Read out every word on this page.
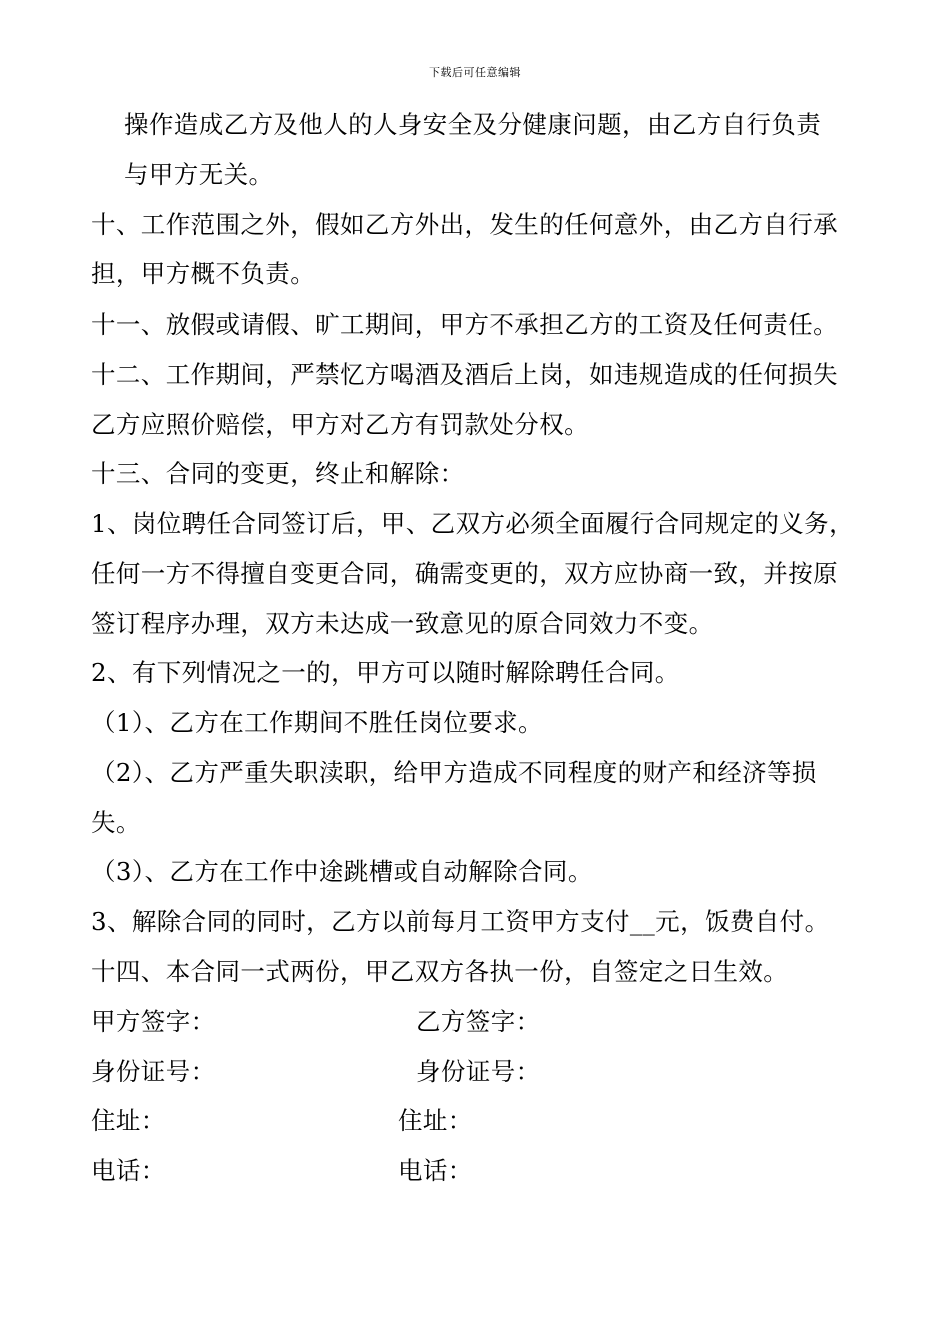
下载后可任意编辑
操作造成乙方及他人的人身安全及分健康问题，由乙方自行负责
与甲方无关。
十、工作范围之外，假如乙方外出，发生的任何意外，由乙方自行承
担，甲方概不负责。
十一、放假或请假、旷工期间，甲方不承担乙方的工资及任何责任。
十二、工作期间，严禁忆方喝酒及酒后上岗，如违规造成的任何损失
乙方应照价赔偿，甲方对乙方有罚款处分权。
十三、合同的变更，终止和解除：
1、岗位聘任合同签订后，甲、乙双方必须全面履行合同规定的义务，
任何一方不得擅自变更合同，确需变更的，双方应协商一致，并按原
签订程序办理，双方未达成一致意见的原合同效力不变。
2、有下列情况之一的，甲方可以随时解除聘任合同。
（1）、乙方在工作期间不胜任岗位要求。
（2）、乙方严重失职渎职，给甲方造成不同程度的财产和经济等损
失。
（3）、乙方在工作中途跳槽或自动解除合同。
3、解除合同的同时，乙方以前每月工资甲方支付__元，饭费自付。
十四、本合同一式两份，甲乙双方各执一份，自签定之日生效。
甲方签字：	乙方签字：
身份证号：	身份证号：
住址：	住址：
电话：	电话：
